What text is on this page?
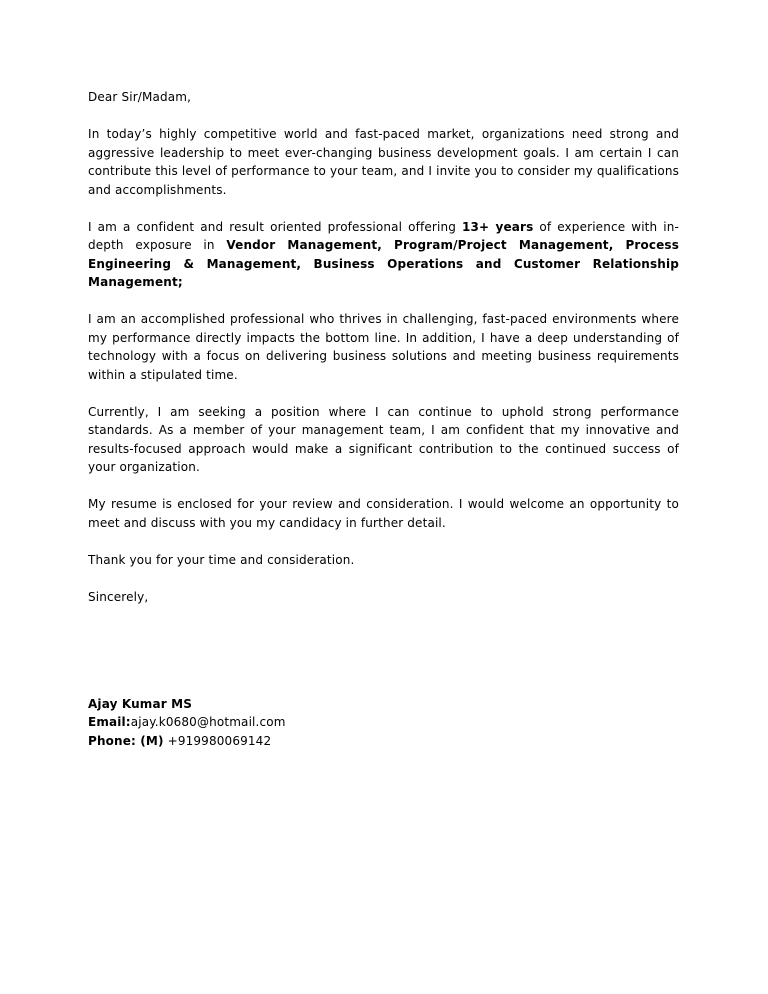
Dear Sir/Madam,

In today’s highly competitive world and fast-paced market, organizations need strong and aggressive leadership to meet ever-changing business development goals. I am certain I can contribute this level of performance to your team, and I invite you to consider my qualifications and accomplishments.

I am a confident and result oriented professional offering 13+ years of experience with in-depth exposure in Vendor Management, Program/Project Management, Process Engineering & Management, Business Operations and Customer Relationship Management;

I am an accomplished professional who thrives in challenging, fast-paced environments where my performance directly impacts the bottom line. In addition, I have a deep understanding of technology with a focus on delivering business solutions and meeting business requirements within a stipulated time.

Currently, I am seeking a position where I can continue to uphold strong performance standards. As a member of your management team, I am confident that my innovative and results-focused approach would make a significant contribution to the continued success of your organization.

My resume is enclosed for your review and consideration. I would welcome an opportunity to meet and discuss with you my candidacy in further detail.

Thank you for your time and consideration.

Sincerely,

Ajay Kumar MS

Email:ajay.k0680@hotmail.com

Phone: (M) +919980069142
